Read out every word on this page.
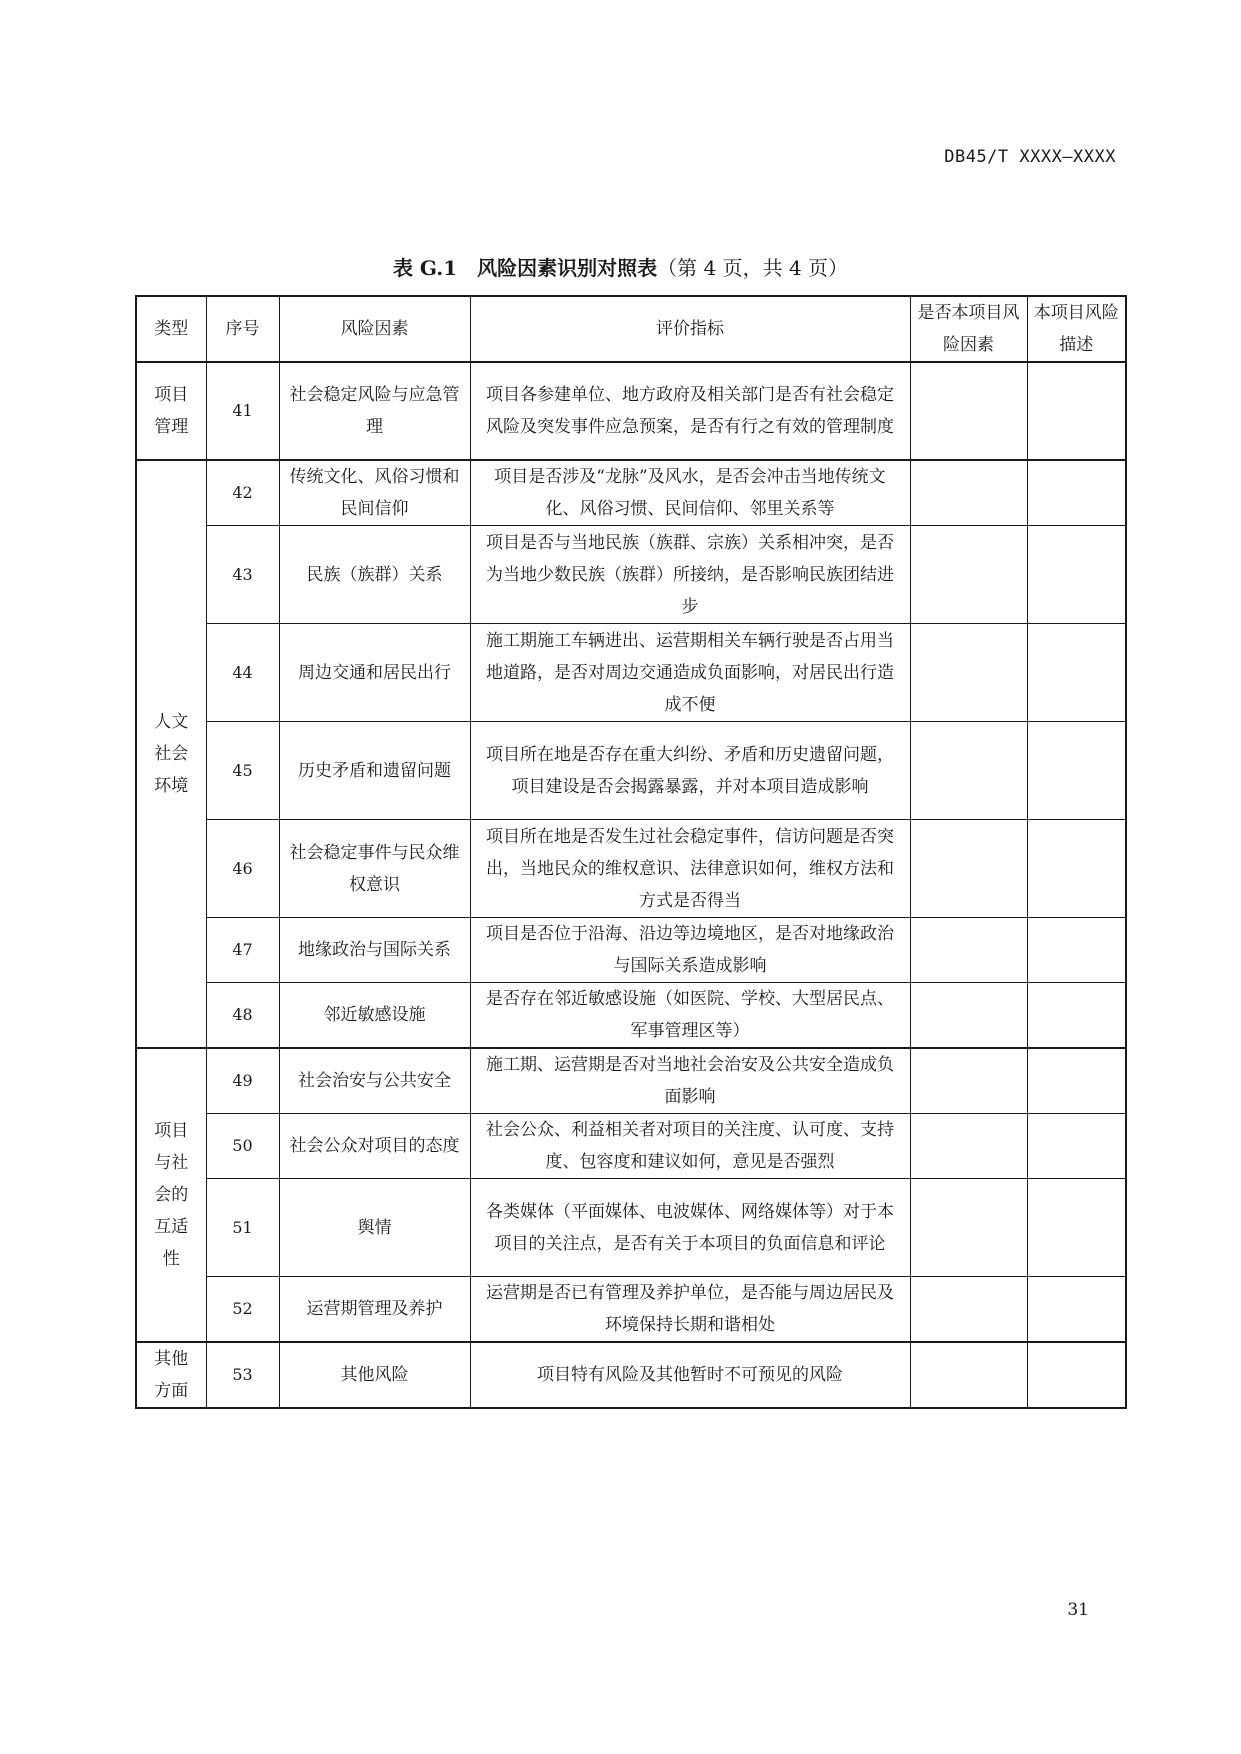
DB45/T XXXX—XXXX
表 G.1　风险因素识别对照表（第 4 页，共 4 页）
类型	序号	风险因素	评价指标	是否本项目风险因素	本项目风险描述
项目管理	41	社会稳定风险与应急管理	项目各参建单位、地方政府及相关部门是否有社会稳定风险及突发事件应急预案，是否有行之有效的管理制度		
人文社会环境	42	传统文化、风俗习惯和民间信仰	项目是否涉及“龙脉”及风水，是否会冲击当地传统文化、风俗习惯、民间信仰、邻里关系等		
	43	民族（族群）关系	项目是否与当地民族（族群、宗族）关系相冲突，是否为当地少数民族（族群）所接纳，是否影响民族团结进步		
	44	周边交通和居民出行	施工期施工车辆进出、运营期相关车辆行驶是否占用当地道路，是否对周边交通造成负面影响，对居民出行造成不便		
	45	历史矛盾和遗留问题	项目所在地是否存在重大纠纷、矛盾和历史遗留问题，项目建设是否会揭露暴露，并对本项目造成影响		
	46	社会稳定事件与民众维权意识	项目所在地是否发生过社会稳定事件，信访问题是否突出，当地民众的维权意识、法律意识如何，维权方法和方式是否得当		
	47	地缘政治与国际关系	项目是否位于沿海、沿边等边境地区，是否对地缘政治与国际关系造成影响		
	48	邻近敏感设施	是否存在邻近敏感设施（如医院、学校、大型居民点、军事管理区等）		
项目与社会的互适性	49	社会治安与公共安全	施工期、运营期是否对当地社会治安及公共安全造成负面影响		
	50	社会公众对项目的态度	社会公众、利益相关者对项目的关注度、认可度、支持度、包容度和建议如何，意见是否强烈		
	51	舆情	各类媒体（平面媒体、电波媒体、网络媒体等）对于本项目的关注点，是否有关于本项目的负面信息和评论		
	52	运营期管理及养护	运营期是否已有管理及养护单位，是否能与周边居民及环境保持长期和谐相处		
其他方面	53	其他风险	项目特有风险及其他暂时不可预见的风险		
31
